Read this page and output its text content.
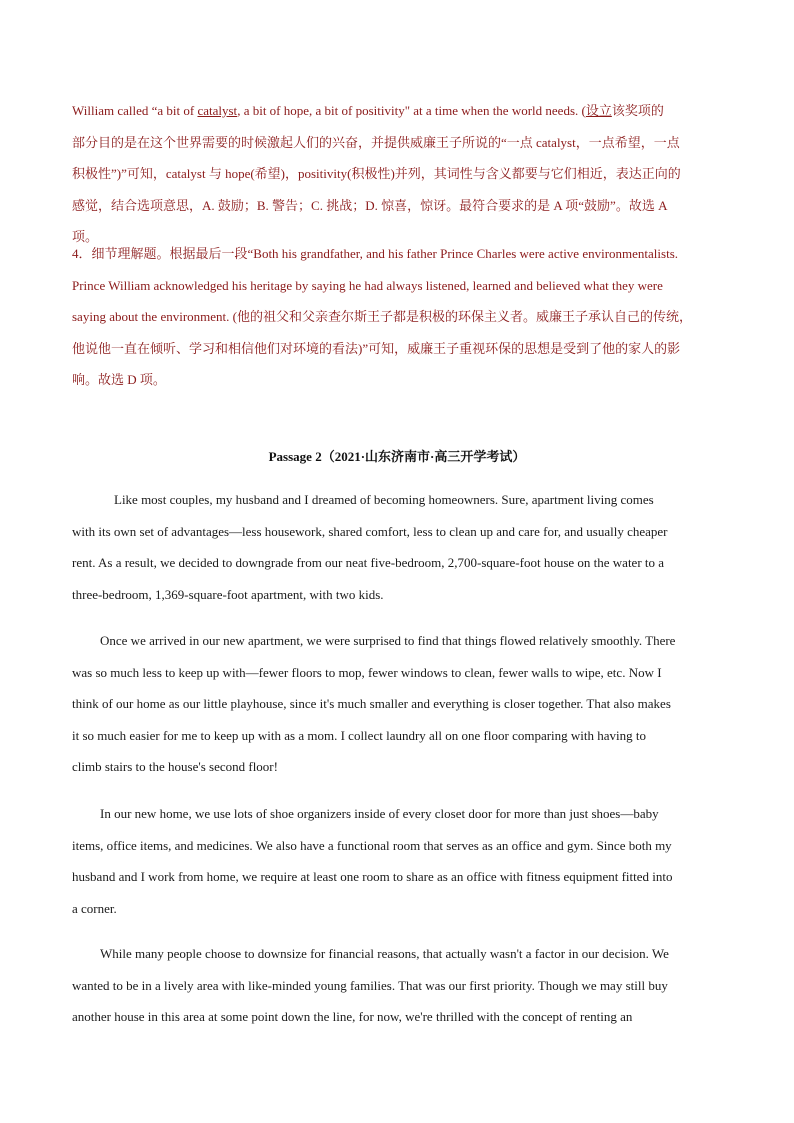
William called “a bit of catalyst, a bit of hope, a bit of positivity" at a time when the world needs. (设立该奖项的
部分目的是在这个世界需要的时候激起人们的兴奋，并提供威廉王子所说的“一点 catalyst，一点希望，一点
积极性”)”可知，catalyst 与 hope(希望)，positivity(积极性)并列，其词性与含义都要与它们相近，表达正向的
感觉，结合选项意思，A. 鼓励；B. 警告；C. 挑战；D. 惊喜，惊讶。最符合要求的是 A 项“鼓励”。故选 A
项。
4．细节理解题。根据最后一段“Both his grandfather, and his father Prince Charles were active environmentalists.
Prince William acknowledged his heritage by saying he had always listened, learned and believed what they were
saying about the environment. (他的祖父和父亲查尔斯王子都是积极的环保主义者。威廉王子承认自己的传统，
他说他一直在倾听、学习和相信他们对环境的看法)”可知，威廉王子重视环保的思想是受到了他的家人的影
响。故选 D 项。
Passage 2（2021·山东济南市·高三开学考试）
Like most couples, my husband and I dreamed of becoming homeowners. Sure, apartment living comes
with its own set of advantages—less housework, shared comfort, less to clean up and care for, and usually cheaper
rent. As a result, we decided to downgrade from our neat five-bedroom, 2,700-square-foot house on the water to a
three-bedroom, 1,369-square-foot apartment, with two kids.
Once we arrived in our new apartment, we were surprised to find that things flowed relatively smoothly. There
was so much less to keep up with—fewer floors to mop, fewer windows to clean, fewer walls to wipe, etc. Now I
think of our home as our little playhouse, since it's much smaller and everything is closer together. That also makes
it so much easier for me to keep up with as a mom. I collect laundry all on one floor comparing with having to
climb stairs to the house's second floor!
In our new home, we use lots of shoe organizers inside of every closet door for more than just shoes—baby
items, office items, and medicines. We also have a functional room that serves as an office and gym. Since both my
husband and I work from home, we require at least one room to share as an office with fitness equipment fitted into
a corner.
While many people choose to downsize for financial reasons, that actually wasn't a factor in our decision. We
wanted to be in a lively area with like-minded young families. That was our first priority. Though we may still buy
another house in this area at some point down the line, for now, we're thrilled with the concept of renting an
